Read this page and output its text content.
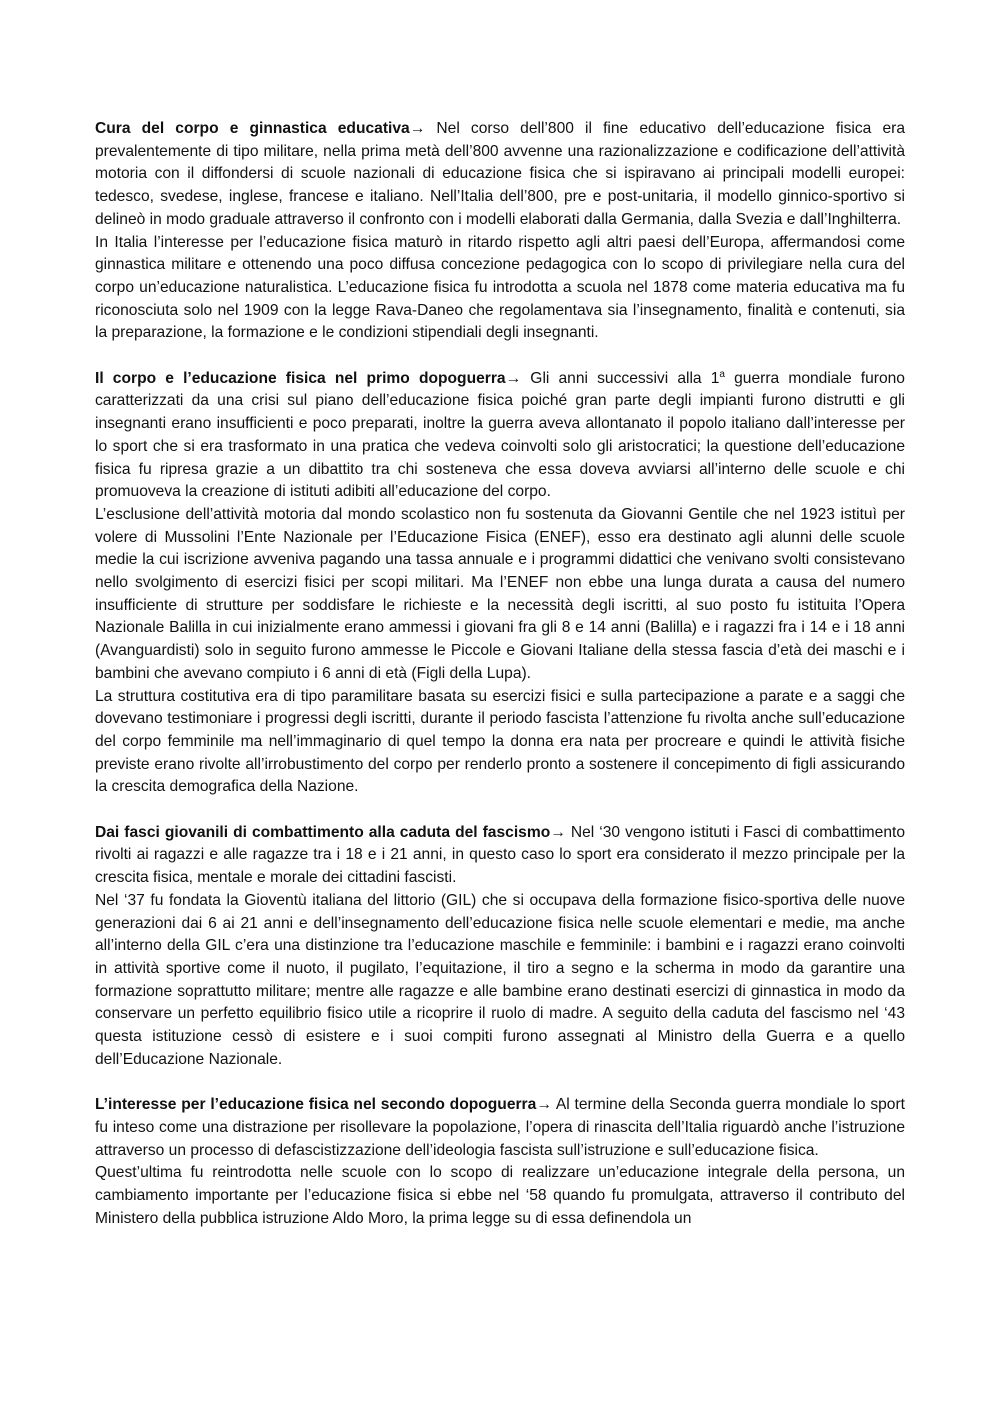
Cura del corpo e ginnastica educativa→ Nel corso dell’800 il fine educativo dell’educazione fisica era prevalentemente di tipo militare, nella prima metà dell’800 avvenne una razionalizzazione e codificazione dell’attività motoria con il diffondersi di scuole nazionali di educazione fisica che si ispiravano ai principali modelli europei: tedesco, svedese, inglese, francese e italiano. Nell’Italia dell’800, pre e post-unitaria, il modello ginnico-sportivo si delineò in modo graduale attraverso il confronto con i modelli elaborati dalla Germania, dalla Svezia e dall’Inghilterra.

In Italia l’interesse per l’educazione fisica maturò in ritardo rispetto agli altri paesi dell’Europa, affermandosi come ginnastica militare e ottenendo una poco diffusa concezione pedagogica con lo scopo di privilegiare nella cura del corpo un’educazione naturalistica. L’educazione fisica fu introdotta a scuola nel 1878 come materia educativa ma fu riconosciuta solo nel 1909 con la legge Rava-Daneo che regolamentava sia l’insegnamento, finalità e contenuti, sia la preparazione, la formazione e le condizioni stipendiali degli insegnanti.

Il corpo e l’educazione fisica nel primo dopoguerra→ Gli anni successivi alla 1$^a$ guerra mondiale furono caratterizzati da una crisi sul piano dell’educazione fisica poiché gran parte degli impianti furono distrutti e gli insegnanti erano insufficienti e poco preparati, inoltre la guerra aveva allontanato il popolo italiano dall’interesse per lo sport che si era trasformato in una pratica che vedeva coinvolti solo gli aristocratici; la questione dell’educazione fisica fu ripresa grazie a un dibattito tra chi sosteneva che essa doveva avviarsi all’interno delle scuole e chi promuoveva la creazione di istituti adibiti all’educazione del corpo.

L’esclusione dell’attività motoria dal mondo scolastico non fu sostenuta da Giovanni Gentile che nel 1923 istituì per volere di Mussolini l’Ente Nazionale per l’Educazione Fisica (ENEF), esso era destinato agli alunni delle scuole medie la cui iscrizione avveniva pagando una tassa annuale e i programmi didattici che venivano svolti consistevano nello svolgimento di esercizi fisici per scopi militari. Ma l’ENEF non ebbe una lunga durata a causa del numero insufficiente di strutture per soddisfare le richieste e la necessità degli iscritti, al suo posto fu istituita l’Opera Nazionale Balilla in cui inizialmente erano ammessi i giovani fra gli 8 e 14 anni (Balilla) e i ragazzi fra i 14 e i 18 anni (Avanguardisti) solo in seguito furono ammesse le Piccole e Giovani Italiane della stessa fascia d’età dei maschi e i bambini che avevano compiuto i 6 anni di età (Figli della Lupa).

La struttura costitutiva era di tipo paramilitare basata su esercizi fisici e sulla partecipazione a parate e a saggi che dovevano testimoniare i progressi degli iscritti, durante il periodo fascista l’attenzione fu rivolta anche sull’educazione del corpo femminile ma nell’immaginario di quel tempo la donna era nata per procreare e quindi le attività fisiche previste erano rivolte all’irrobustimento del corpo per renderlo pronto a sostenere il concepimento di figli assicurando la crescita demografica della Nazione.

Dai fasci giovanili di combattimento alla caduta del fascismo→ Nel ‘30 vengono istituti i Fasci di combattimento rivolti ai ragazzi e alle ragazze tra i 18 e i 21 anni, in questo caso lo sport era considerato il mezzo principale per la crescita fisica, mentale e morale dei cittadini fascisti.

Nel ‘37 fu fondata la Gioventù italiana del littorio (GIL) che si occupava della formazione fisico-sportiva delle nuove generazioni dai 6 ai 21 anni e dell’insegnamento dell’educazione fisica nelle scuole elementari e medie, ma anche all’interno della GIL c’era una distinzione tra l’educazione maschile e femminile: i bambini e i ragazzi erano coinvolti in attività sportive come il nuoto, il pugilato, l’equitazione, il tiro a segno e la scherma in modo da garantire una formazione soprattutto militare; mentre alle ragazze e alle bambine erano destinati esercizi di ginnastica in modo da conservare un perfetto equilibrio fisico utile a ricoprire il ruolo di madre. A seguito della caduta del fascismo nel ‘43 questa istituzione cessò di esistere e i suoi compiti furono assegnati al Ministro della Guerra e a quello dell’Educazione Nazionale.

L’interesse per l’educazione fisica nel secondo dopoguerra→ Al termine della Seconda guerra mondiale lo sport fu inteso come una distrazione per risollevare la popolazione, l’opera di rinascita dell’Italia riguardò anche l’istruzione attraverso un processo di defascistizzazione dell’ideologia fascista sull’istruzione e sull’educazione fisica.

Quest’ultima fu reintrodotta nelle scuole con lo scopo di realizzare un’educazione integrale della persona, un cambiamento importante per l’educazione fisica si ebbe nel ‘58 quando fu promulgata, attraverso il contributo del Ministero della pubblica istruzione Aldo Moro, la prima legge su di essa definendola un
